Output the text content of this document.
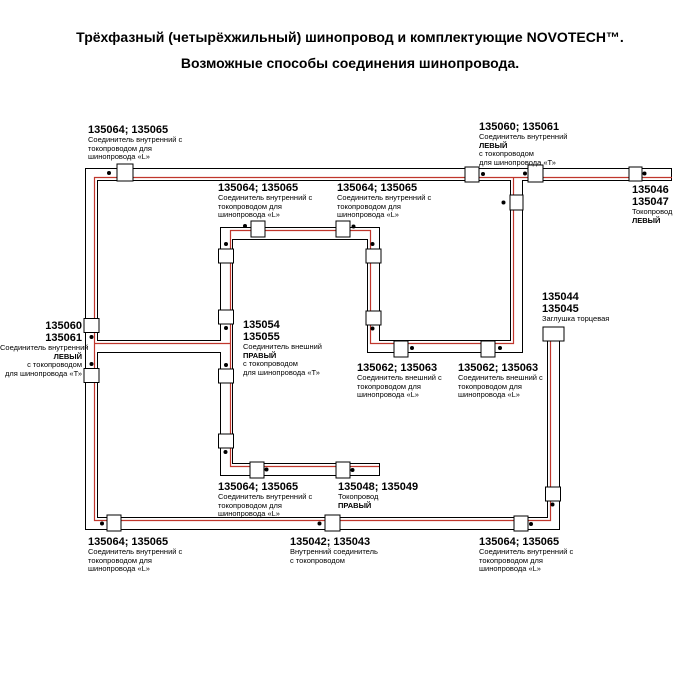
Трёхфазный (четырёхжильный) шинопровод и комплектующие NOVOTECH™.
Возможные способы соединения шинопровода.
135064; 135065
Соединитель внутренний с
токопроводом для
шинопровода «L»
135060; 135061
Соединитель внутренний
ЛЕВЫЙ
с токопроводом
для шинопровода «Т»
135064; 135065
Соединитель внутренний с
токопроводом для
шинопровода «L»
135064; 135065
Соединитель внутренний с
токопроводом для
шинопровода «L»
135046
135047
Токопровод
ЛЕВЫЙ
135044
135045
Заглушка торцевая
135060
135061
Соединитель внутренний
ЛЕВЫЙ
с токопроводом
для шинопровода «Т»
135054
135055
Соединитель внешний
ПРАВЫЙ
с токопроводом
для шинопровода «Т»	135062; 135063
Соединитель внешний с
токопроводом для
шинопровода «L»
135062; 135063
Соединитель внешний с
токопроводом для
шинопровода «L»
135064; 135065
Соединитель внутренний с
токопроводом для
шинопровода «L»
135048; 135049
Токопровод
ПРАВЫЙ
135064; 135065
Соединитель внутренний с
токопроводом для
шинопровода «L»
135042; 135043
Внутренний соединитель
с токопроводом
135064; 135065
Соединитель внутренний с
токопроводом для
шинопровода «L»
